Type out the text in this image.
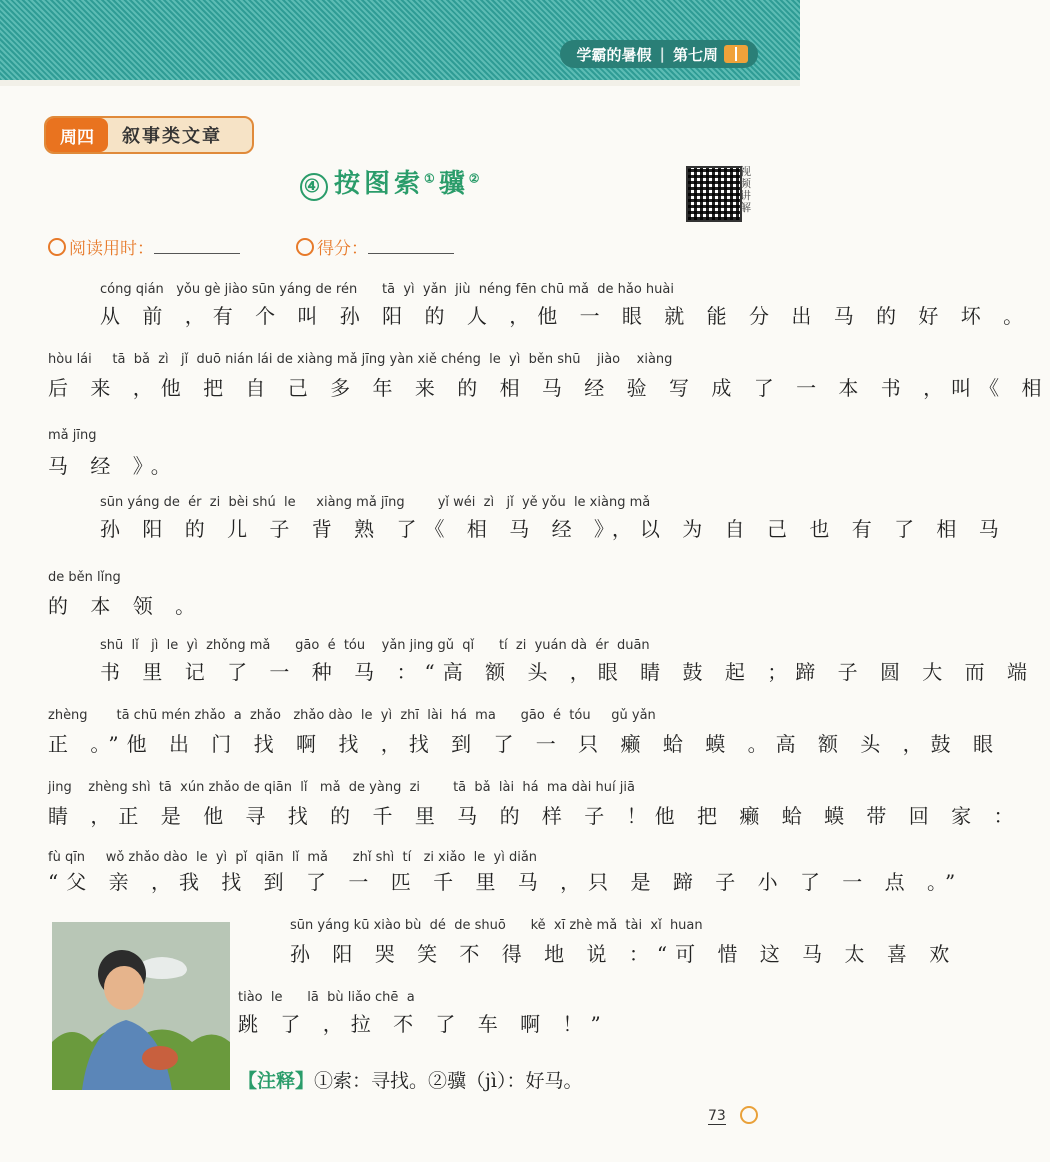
学霸的暑假 | 第七周
周四	叙事类文章
④ 按图索①骥②	视频讲解
阅读用时：	得分：
cóng qián   yǒu gè jiào sūn yáng de rén      tā  yì  yǎn  jiù  néng fēn chū mǎ  de hǎo huài
从 前 ，有 个 叫 孙 阳 的 人 ，他 一 眼 就 能 分 出 马 的 好 坏 。
hòu lái     tā  bǎ  zì   jǐ  duō nián lái de xiàng mǎ jīng yàn xiě chéng  le  yì  běn shū    jiào    xiàng
后 来 ，他 把 自 己 多 年 来 的 相 马 经 验 写 成 了 一 本 书 ，叫《 相
mǎ jīng
马 经 》。
sūn yáng de  ér  zi  bèi shú  le     xiàng mǎ jīng        yǐ wéi  zì   jǐ  yě yǒu  le xiàng mǎ
孙 阳 的 儿 子 背 熟 了《 相 马 经 》，以 为 自 己 也 有 了 相 马
de běn lǐng
的 本 领 。
shū  lǐ   jì  le  yì  zhǒng mǎ      gāo  é  tóu    yǎn jing gǔ  qǐ      tí  zi  yuán dà  ér  duān
书 里 记 了 一 种 马 ：“高 额 头 ，眼 睛 鼓 起 ；蹄 子 圆 大 而 端
zhèng       tā chū mén zhǎo  a  zhǎo   zhǎo dào  le  yì  zhī  lài  há  ma      gāo  é  tóu     gǔ yǎn
正 。”他 出 门 找 啊 找 ，找 到 了 一 只 癞 蛤 蟆 。高 额 头 ，鼓 眼
jing    zhèng shì  tā  xún zhǎo de qiān  lǐ   mǎ  de yàng  zi        tā  bǎ  lài  há  ma dài huí jiā
睛 ，正 是 他 寻 找 的 千 里 马 的 样 子 ！他 把 癞 蛤 蟆 带 回 家 ：
fù qīn     wǒ zhǎo dào  le  yì  pǐ  qiān  lǐ  mǎ      zhǐ shì  tí   zi xiǎo  le  yì diǎn
“父 亲 ，我 找 到 了 一 匹 千 里 马 ，只 是 蹄 子 小 了 一 点 。”
sūn yáng kū xiào bù  dé  de shuō      kě  xī zhè mǎ  tài  xǐ  huan
孙 阳 哭 笑 不 得 地 说 ：“可 惜 这 马 太 喜 欢
tiào  le      lā  bù liǎo chē  a
跳 了 ，拉 不 了 车 啊 ！”
【注释】①索：寻找。②骥（jì）：好马。
73
